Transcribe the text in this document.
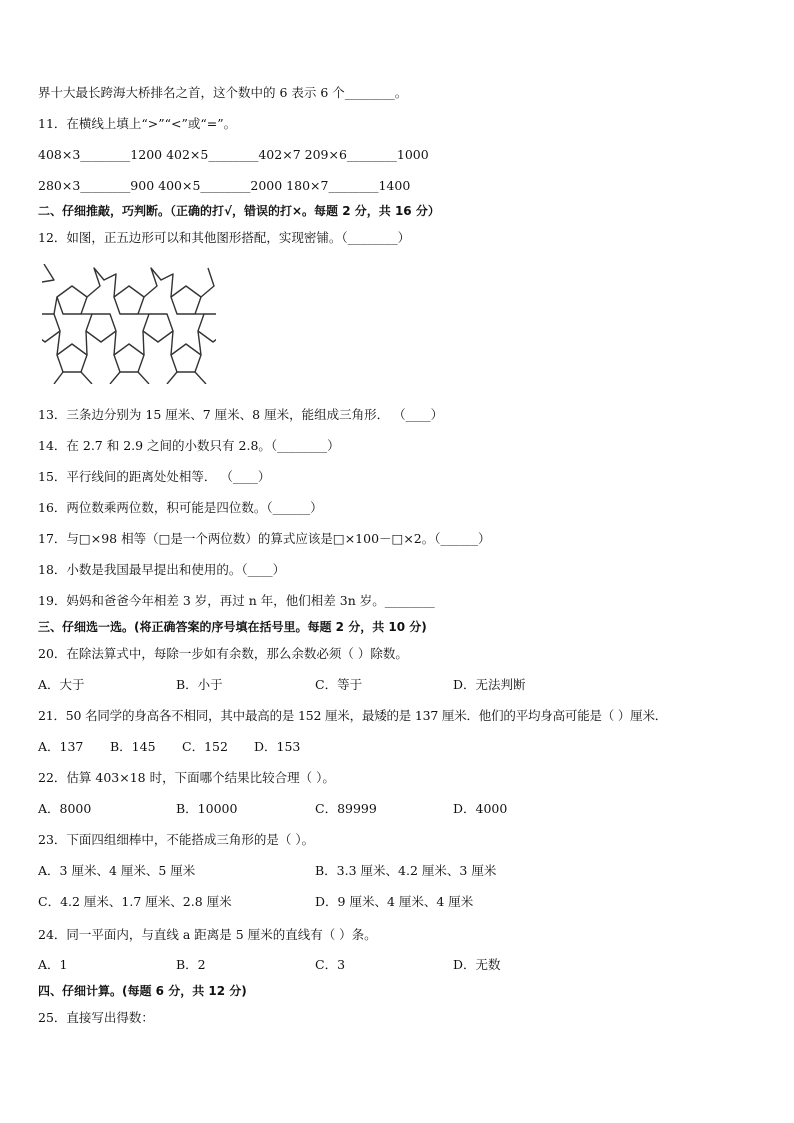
界十大最长跨海大桥排名之首，这个数中的 6 表示 6 个________。
11．在横线上填上“>”“<”或“=”。
408×3________1200 402×5________402×7 209×6________1000
280×3________900 400×5________2000 180×7________1400
二、仔细推敲，巧判断。（正确的打√，错误的打×。每题 2 分，共 16 分）
12．如图，正五边形可以和其他图形搭配，实现密铺。（________）
13．三条边分别为 15 厘米、7 厘米、8 厘米，能组成三角形． （____）
14．在 2.7 和 2.9 之间的小数只有 2.8。（________）
15．平行线间的距离处处相等． （____）
16．两位数乘两位数，积可能是四位数。（______）
17．与□×98 相等（□是一个两位数）的算式应该是□×100－□×2。（______）
18．小数是我国最早提出和使用的。（____）
19．妈妈和爸爸今年相差 3 岁，再过 n 年，他们相差 3n 岁。________
三、仔细选一选。(将正确答案的序号填在括号里。每题 2 分，共 10 分)
20．在除法算式中，每除一步如有余数，那么余数必须（ ）除数。
A．大于	B．小于	C．等于	D．无法判断
21．50 名同学的身高各不相同，其中最高的是 152 厘米，最矮的是 137 厘米．他们的平均身高可能是（ ）厘米．
A．137 B．145 C．152 D．153
22．估算 403×18 时，下面哪个结果比较合理（ ）。
A．8000	B．10000	C．89999	D．4000
23．下面四组细棒中，不能搭成三角形的是（ ）。
A．3 厘米、4 厘米、5 厘米	B．3.3 厘米、4.2 厘米、3 厘米
C．4.2 厘米、1.7 厘米、2.8 厘米	D．9 厘米、4 厘米、4 厘米
24．同一平面内，与直线 a 距离是 5 厘米的直线有（ ）条。
A．1	B．2	C．3	D．无数
四、仔细计算。(每题 6 分，共 12 分)
25．直接写出得数：
